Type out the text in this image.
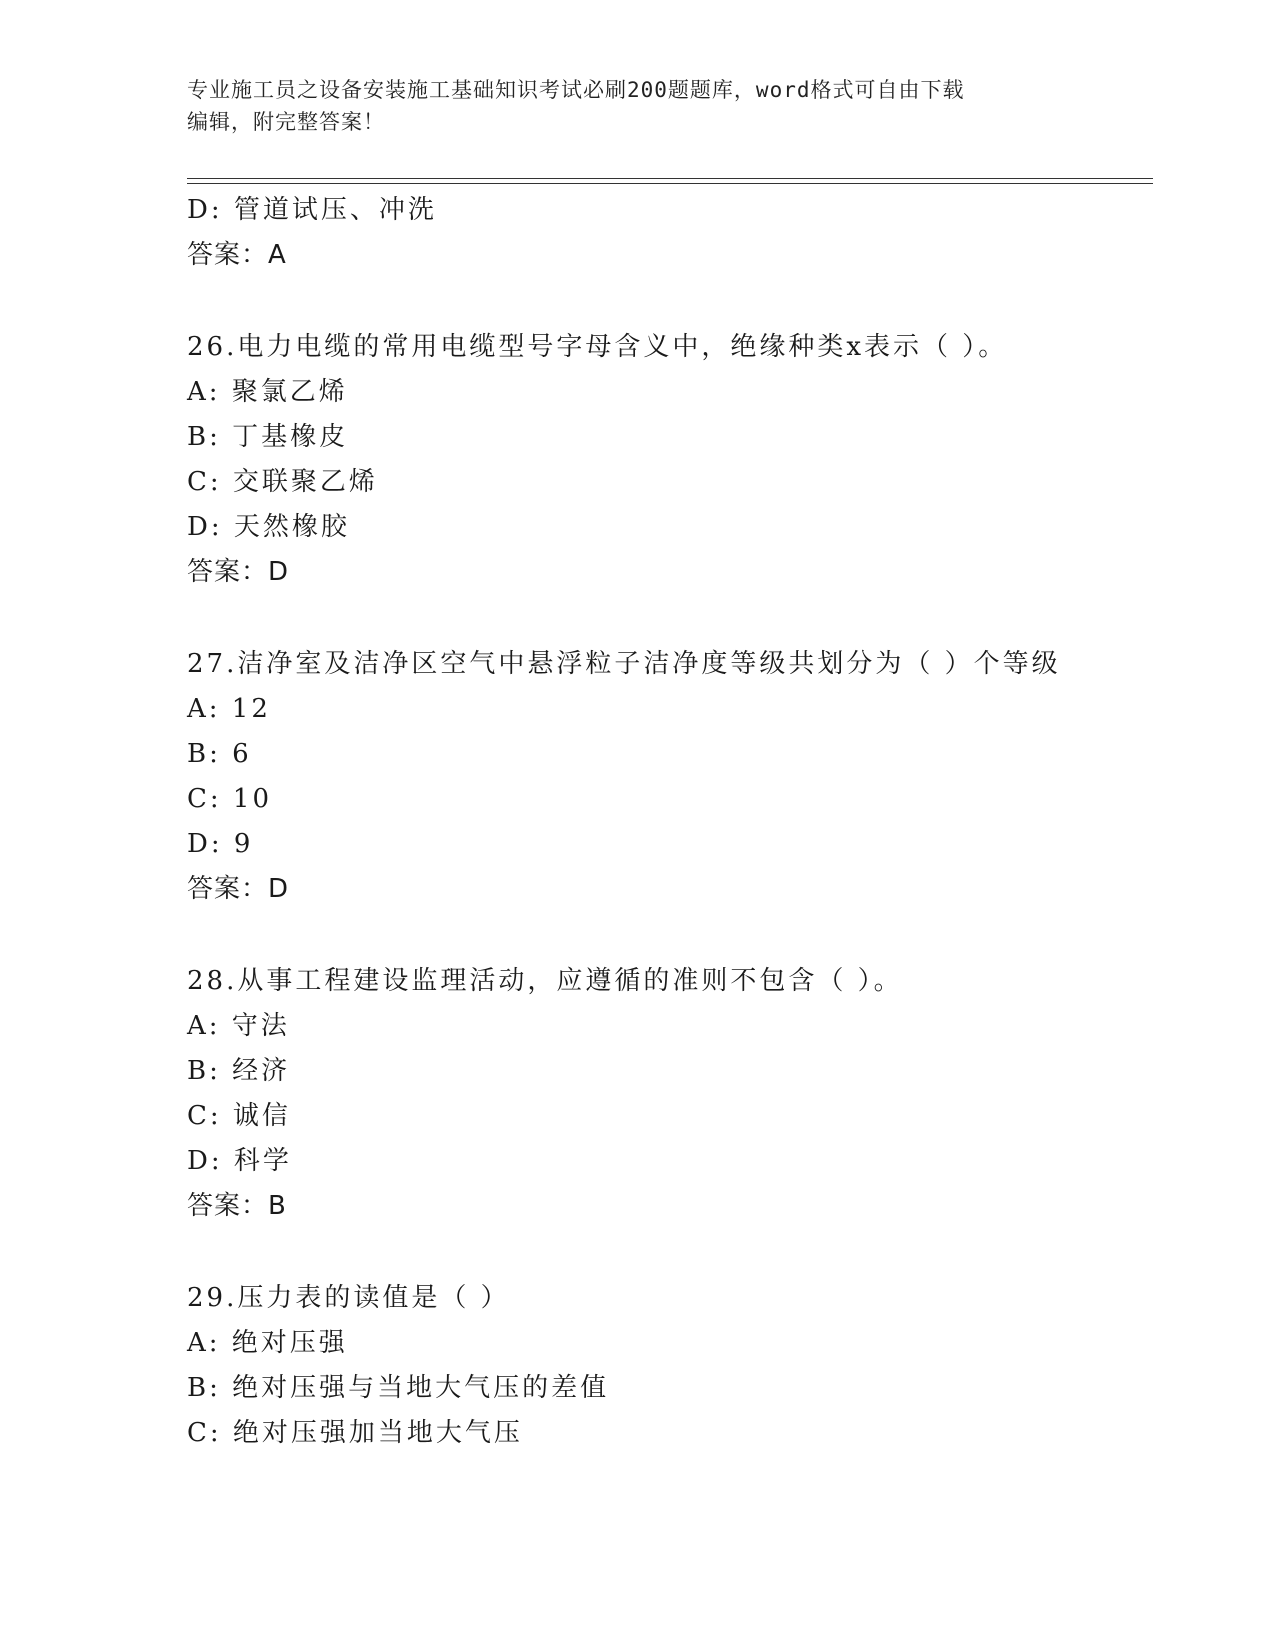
专业施工员之设备安装施工基础知识考试必刷200题题库，word格式可自由下载
编辑，附完整答案！
D: 管道试压、冲洗
答案：A
26.电力电缆的常用电缆型号字母含义中，绝缘种类x表示（ ）。
A: 聚氯乙烯
B: 丁基橡皮
C: 交联聚乙烯
D: 天然橡胶
答案：D
27.洁净室及洁净区空气中悬浮粒子洁净度等级共划分为（ ）个等级
A: 12
B: 6
C: 10
D: 9
答案：D
28.从事工程建设监理活动，应遵循的准则不包含（ ）。
A: 守法
B: 经济
C: 诚信
D: 科学
答案：B
29.压力表的读值是（ ）
A: 绝对压强
B: 绝对压强与当地大气压的差值
C: 绝对压强加当地大气压
